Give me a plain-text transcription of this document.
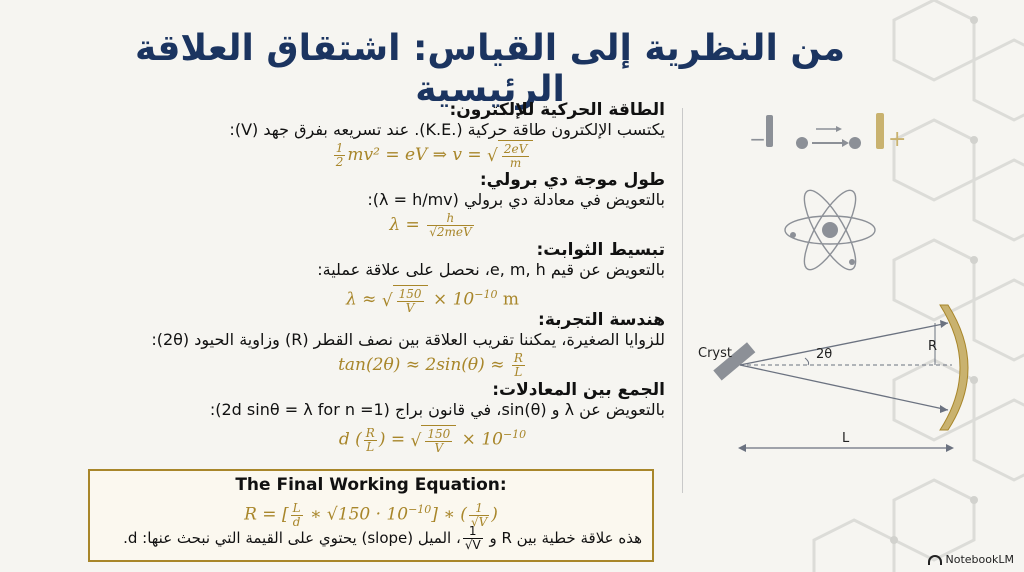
من النظرية إلى القياس: اشتقاق العلاقة الرئيسية
الطاقة الحركية للإلكترون:
يكتسب الإلكترون طاقة حركية (.K.E). عند تسريعه بفرق جهد (V):
$\frac{1}{2} mv^2$ = eV ⇒ v = √ $\frac{2eV}{m}$
طول موجة دي برولي:
بالتعويض في معادلة دي برولي (λ = h/mv):
$\lambda = \frac{h}{\text{√2meV}}$
تبسيط الثوابت:
بالتعويض عن قيم e, m, h، نحصل على علاقة عملية:
λ ≈ √ $\frac{150}{V} \times 10^{-10}$ m
هندسة التجربة:
للزوايا الصغيرة، يمكننا تقريب العلاقة بين نصف القطر (R) وزاوية الحيود (2θ):
$\tan(2\theta) \approx 2\sin(\theta) \approx \frac{R}{L}$
الجمع بين المعادلات:
بالتعويض عن λ و sin(θ)، في قانون براج (2d sinθ = λ for n =1):
d ( $\frac{R}{L}$ ) = √ $\frac{150}{V} \times 10^{-10}$
The Final Working Equation:
R = [ $\frac{L}{d}$ ∗ $√150 \cdot 10^{-10}$] ∗ ( $\frac{1}{√V}$ )
هذه علاقة خطية بين R و
$\frac{1}{√V}$
، الميل (slope) يحتوي على القيمة التي نبحث عنها: d.
−	+
Cryst	2θ
R
L
NotebookLM
